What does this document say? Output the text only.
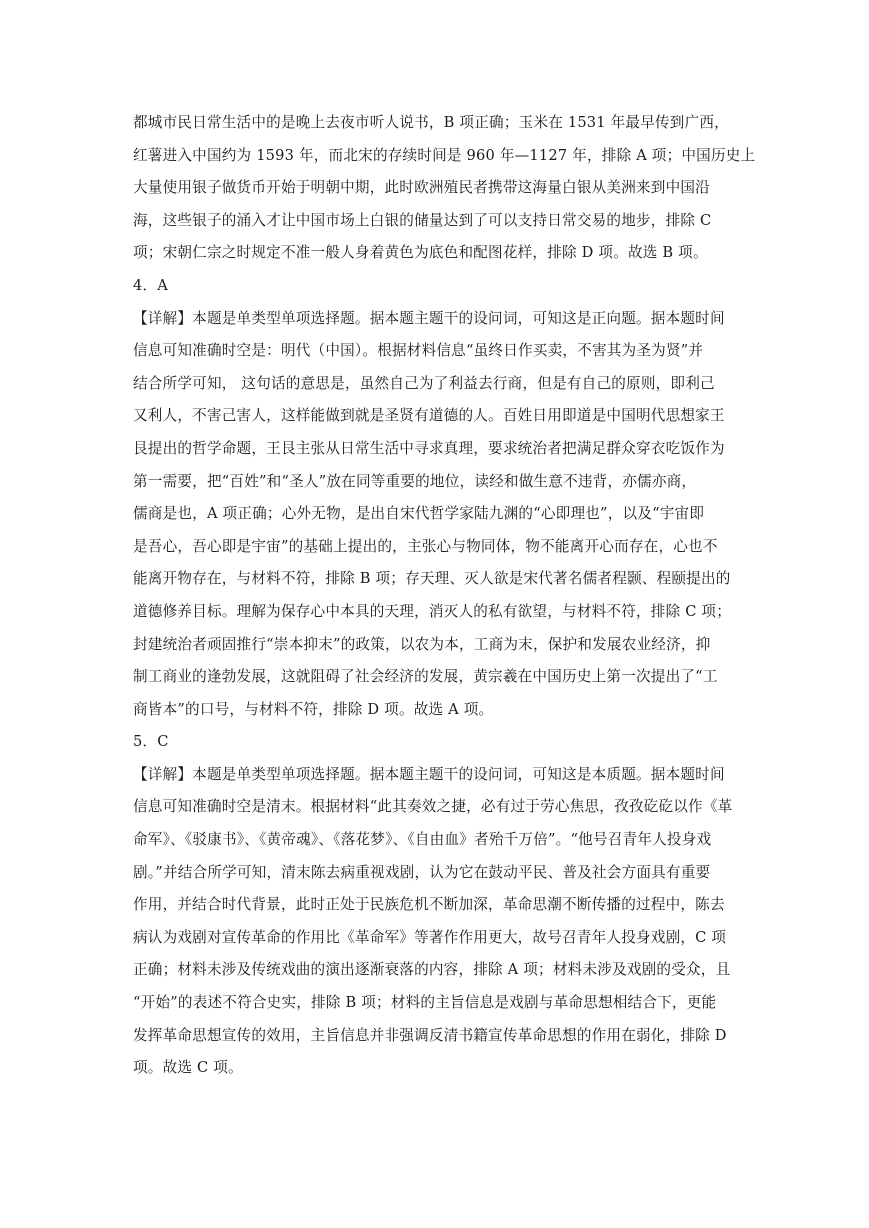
都城市民日常生活中的是晚上去夜市听人说书，B 项正确；玉米在 1531 年最早传到广西，
红薯进入中国约为 1593 年，而北宋的存续时间是 960 年—1127 年，排除 A 项；中国历史上
大量使用银子做货币开始于明朝中期，此时欧洲殖民者携带这海量白银从美洲来到中国沿
海，这些银子的涌入才让中国市场上白银的储量达到了可以支持日常交易的地步，排除 C
项；宋朝仁宗之时规定不准一般人身着黄色为底色和配图花样，排除 D 项。故选 B 项。
4．A
【详解】本题是单类型单项选择题。据本题主题干的设问词，可知这是正向题。据本题时间
信息可知准确时空是：明代（中国）。根据材料信息“虽终日作买卖，不害其为圣为贤”并
结合所学可知， 这句话的意思是，虽然自己为了利益去行商，但是有自己的原则，即利己
又利人，不害己害人，这样能做到就是圣贤有道德的人。百姓日用即道是中国明代思想家王
艮提出的哲学命题，王艮主张从日常生活中寻求真理，要求统治者把满足群众穿衣吃饭作为
第一需要，把“百姓”和“圣人”放在同等重要的地位，读经和做生意不违背，亦儒亦商，
儒商是也，A 项正确；心外无物，是出自宋代哲学家陆九渊的“心即理也”，以及“宇宙即
是吾心，吾心即是宇宙”的基础上提出的，主张心与物同体，物不能离开心而存在，心也不
能离开物存在，与材料不符，排除 B 项；存天理、灭人欲是宋代著名儒者程颢、程颐提出的
道德修养目标。理解为保存心中本具的天理，消灭人的私有欲望，与材料不符，排除 C 项；
封建统治者顽固推行“崇本抑末”的政策，以农为本，工商为末，保护和发展农业经济，抑
制工商业的逢勃发展，这就阻碍了社会经济的发展，黄宗羲在中国历史上第一次提出了“工
商皆本”的口号，与材料不符，排除 D 项。故选 A 项。
5．C
【详解】本题是单类型单项选择题。据本题主题干的设问词，可知这是本质题。据本题时间
信息可知准确时空是清末。根据材料“此其奏效之捷，必有过于劳心焦思，孜孜矻矻以作《革
命军》、《驳康书》、《黄帝魂》、《落花梦》、《自由血》者殆千万倍”。“他号召青年人投身戏
剧。”并结合所学可知，清末陈去病重视戏剧，认为它在鼓动平民、普及社会方面具有重要
作用，并结合时代背景，此时正处于民族危机不断加深，革命思潮不断传播的过程中，陈去
病认为戏剧对宣传革命的作用比《革命军》等著作作用更大，故号召青年人投身戏剧，C 项
正确；材料未涉及传统戏曲的演出逐渐衰落的内容，排除 A 项；材料未涉及戏剧的受众，且
“开始”的表述不符合史实，排除 B 项；材料的主旨信息是戏剧与革命思想相结合下，更能
发挥革命思想宣传的效用，主旨信息并非强调反清书籍宣传革命思想的作用在弱化，排除 D
项。故选 C 项。
